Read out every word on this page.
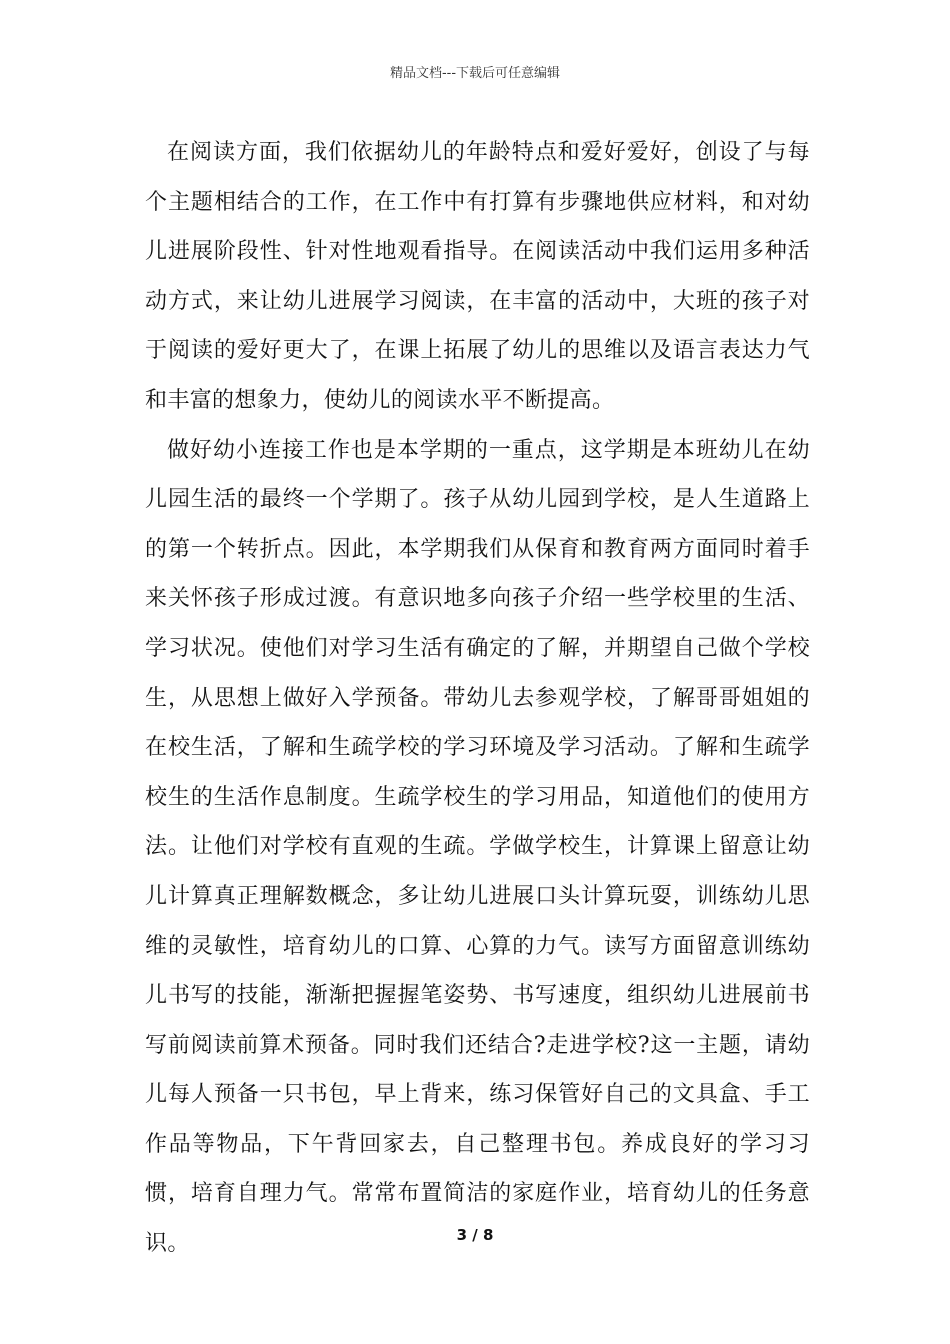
精品文档---下载后可任意编辑

在阅读方面，我们依据幼儿的年龄特点和爱好爱好，创设了与每个主题相结合的工作，在工作中有打算有步骤地供应材料，和对幼儿进展阶段性、针对性地观看指导。在阅读活动中我们运用多种活动方式，来让幼儿进展学习阅读，在丰富的活动中，大班的孩子对于阅读的爱好更大了，在课上拓展了幼儿的思维以及语言表达力气和丰富的想象力，使幼儿的阅读水平不断提高。

做好幼小连接工作也是本学期的一重点，这学期是本班幼儿在幼儿园生活的最终一个学期了。孩子从幼儿园到学校，是人生道路上的第一个转折点。因此，本学期我们从保育和教育两方面同时着手来关怀孩子形成过渡。有意识地多向孩子介绍一些学校里的生活、学习状况。使他们对学习生活有确定的了解，并期望自己做个学校生，从思想上做好入学预备。带幼儿去参观学校，了解哥哥姐姐的在校生活，了解和生疏学校的学习环境及学习活动。了解和生疏学校生的生活作息制度。生疏学校生的学习用品，知道他们的使用方法。让他们对学校有直观的生疏。学做学校生，计算课上留意让幼儿计算真正理解数概念，多让幼儿进展口头计算玩耍，训练幼儿思维的灵敏性，培育幼儿的口算、心算的力气。读写方面留意训练幼儿书写的技能，渐渐把握握笔姿势、书写速度，组织幼儿进展前书写前阅读前算术预备。同时我们还结合?走进学校?这一主题，请幼儿每人预备一只书包，早上背来，练习保管好自己的文具盒、手工作品等物品，下午背回家去，自己整理书包。养成良好的学习习惯，培育自理力气。常常布置简洁的家庭作业，培育幼儿的任务意识。	3 / 8
